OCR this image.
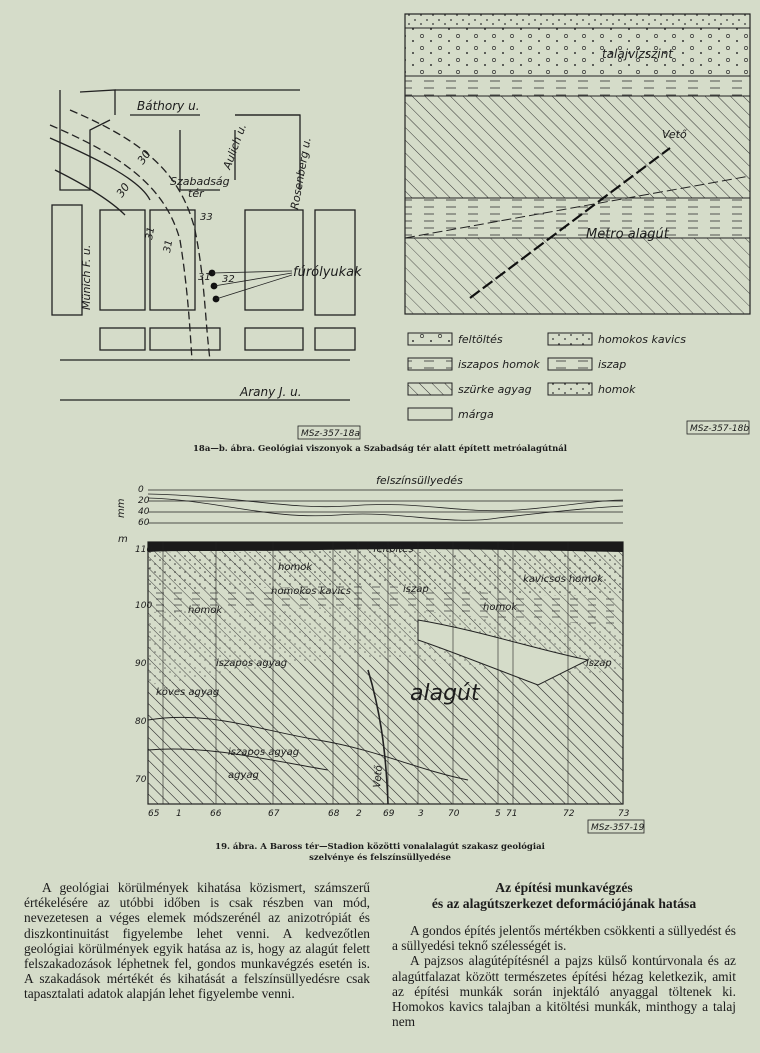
Báthory u.
Aulich u.	Rosenberg u.
Münich F. u.
Arany J. u.
Szabadság
tér
fúrólyukak
30
30
31
31
31 32
33
MSz-357-18a
talajvízszint
Vető
Metro alagút
feltöltés	homokos kavics
iszapos homok	iszap
szürke agyag	homok
márga
MSz-357-18b
18a—b. ábra. Geológiai viszonyok a Szabadság tér alatt épített metróalagútnál
felszínsüllyedés
mm
0
20
40
60
m
110
100
90
80
70
feltöltés
homok
kavicsos homok
homokos kavics	iszap
homok	homok
iszapos agyag
köves agyag
iszap
alagút
iszapos agyag
agyag	Vető
65 1	66	67	68 2 69	3	70	5 71	72	73
MSz-357-19
19. ábra. A Baross tér—Stadion közötti vonalalagút szakasz geológiai
szelvénye és felszínsüllyedése

A geológiai körülmények kihatása közismert, számszerű értékelésére az utóbbi időben is csak részben van mód, nevezetesen a véges elemek módszerénél az anizotrópiát és diszkontinuitást figyelembe lehet venni. A kedvezőtlen geológiai körülmények egyik hatása az is, hogy az alagút felett felszakadozások léphetnek fel, gondos munkavégzés esetén is. A szakadások mértékét és kihatását a felszínsüllyedésre csak tapasztalati adatok alapján lehet figyelembe venni.

Az építési munkavégzés
és az alagútszerkezet deformációjának hatása

A gondos építés jelentős mértékben csökkenti a süllyedést és a süllyedési teknő szélességét is.

A pajzsos alagútépítésnél a pajzs külső kontúrvonala és az alagútfalazat között természetes építési hézag keletkezik, amit az építési munkák során injektáló anyaggal töltenek ki. Homokos kavics talajban a kitöltési munkák, minthogy a talaj nem
